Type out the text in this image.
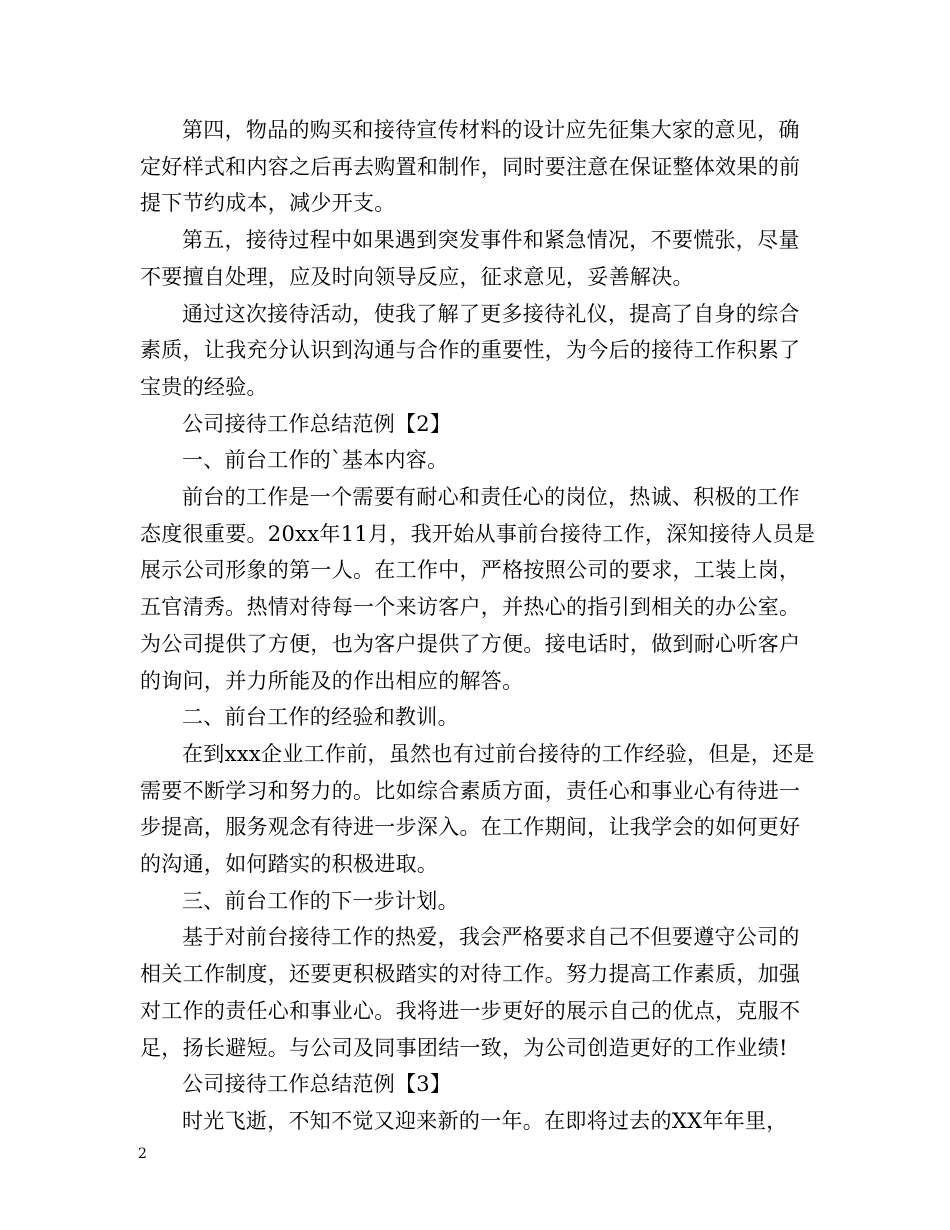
第四，物品的购买和接待宣传材料的设计应先征集大家的意见，确定好样式和内容之后再去购置和制作，同时要注意在保证整体效果的前提下节约成本，减少开支。

第五，接待过程中如果遇到突发事件和紧急情况，不要慌张，尽量不要擅自处理，应及时向领导反应，征求意见，妥善解决。

通过这次接待活动，使我了解了更多接待礼仪，提高了自身的综合素质，让我充分认识到沟通与合作的重要性，为今后的接待工作积累了宝贵的经验。

公司接待工作总结范例【2】

一、前台工作的`基本内容。

前台的工作是一个需要有耐心和责任心的岗位，热诚、积极的工作态度很重要。20xx年11月，我开始从事前台接待工作，深知接待人员是展示公司形象的第一人。在工作中，严格按照公司的要求，工装上岗，五官清秀。热情对待每一个来访客户，并热心的指引到相关的办公室。为公司提供了方便，也为客户提供了方便。接电话时，做到耐心听客户的询问，并力所能及的作出相应的解答。

二、前台工作的经验和教训。

在到xxx企业工作前，虽然也有过前台接待的工作经验，但是，还是需要不断学习和努力的。比如综合素质方面，责任心和事业心有待进一步提高，服务观念有待进一步深入。在工作期间，让我学会的如何更好的沟通，如何踏实的积极进取。

三、前台工作的下一步计划。

基于对前台接待工作的热爱，我会严格要求自己不但要遵守公司的相关工作制度，还要更积极踏实的对待工作。努力提高工作素质，加强对工作的责任心和事业心。我将进一步更好的展示自己的优点，克服不足，扬长避短。与公司及同事团结一致，为公司创造更好的工作业绩!

公司接待工作总结范例【3】

时光飞逝，不知不觉又迎来新的一年。在即将过去的XX年年里，

2
